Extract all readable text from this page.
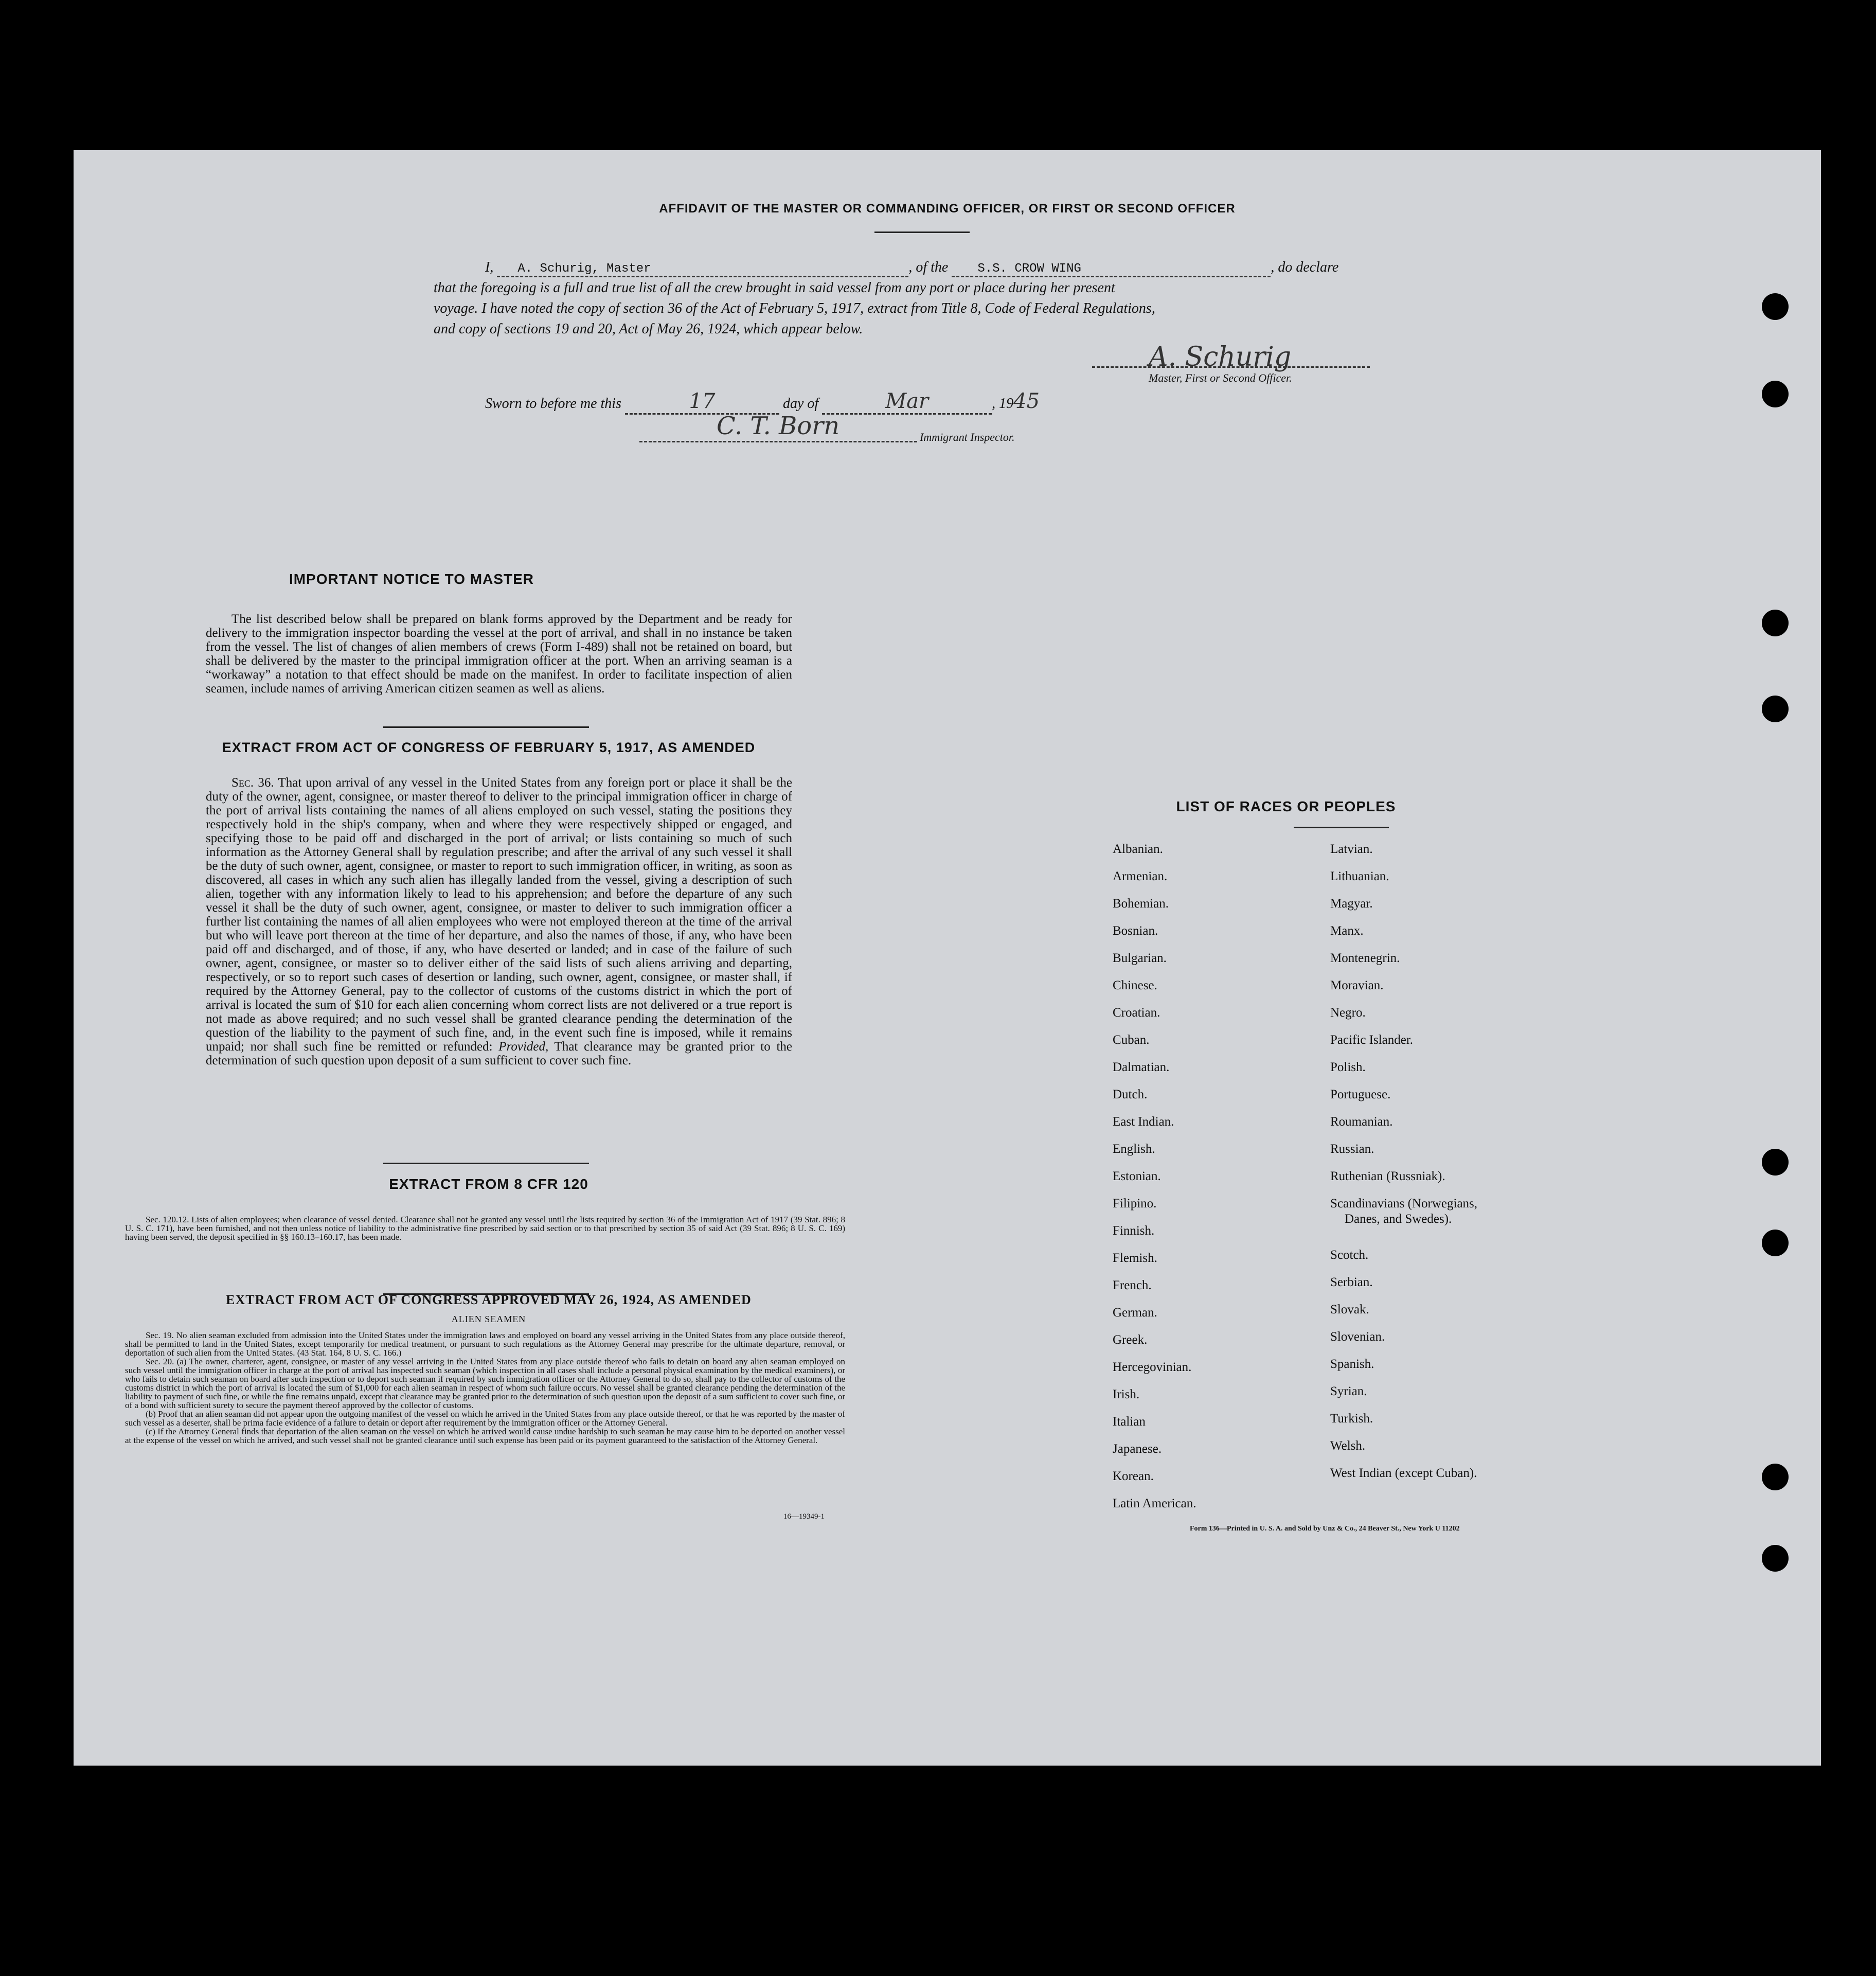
AFFIDAVIT OF THE MASTER OR COMMANDING OFFICER, OR FIRST OR SECOND OFFICER
I, A. Schurig, Master	, of the S.S. CROW WING	, do declare
that the foregoing is a full and true list of all the crew brought in said vessel from any port or place during her present
voyage. I have noted the copy of section 36 of the Act of February 5, 1917, extract from Title 8, Code of Federal Regulations,
and copy of sections 19 and 20, Act of May 26, 1924, which appear below.
A. Schurig
Master, First or Second Officer.
Sworn to before me this	17	day of	Mar	, 1945
C. T. Born	Immigrant Inspector.
IMPORTANT NOTICE TO MASTER
The list described below shall be prepared on blank forms approved by the Department and be ready for delivery to the immigration inspector boarding the vessel at the port of arrival, and shall in no instance be taken from the vessel. The list of changes of alien members of crews (Form I-489) shall not be retained on board, but shall be delivered by the master to the principal immigration officer at the port. When an arriving seaman is a “workaway” a notation to that effect should be made on the manifest. In order to facilitate inspection of alien seamen, include names of arriving American citizen seamen as well as aliens.
EXTRACT FROM ACT OF CONGRESS OF FEBRUARY 5, 1917, AS AMENDED
Sec. 36. That upon arrival of any vessel in the United States from any foreign port or place it shall be the duty of the owner, agent, consignee, or master thereof to deliver to the principal immigration officer in charge of the port of arrival lists containing the names of all aliens employed on such vessel, stating the positions they respectively hold in the ship's company, when and where they were respectively shipped or engaged, and specifying those to be paid off and discharged in the port of arrival; or lists containing so much of such information as the Attorney General shall by regulation prescribe; and after the arrival of any such vessel it shall be the duty of such owner, agent, consignee, or master to report to such immigration officer, in writing, as soon as discovered, all cases in which any such alien has illegally landed from the vessel, giving a description of such alien, together with any information likely to lead to his apprehension; and before the departure of any such vessel it shall be the duty of such owner, agent, consignee, or master to deliver to such immigration officer a further list containing the names of all alien employees who were not employed thereon at the time of the arrival but who will leave port thereon at the time of her departure, and also the names of those, if any, who have been paid off and discharged, and of those, if any, who have deserted or landed; and in case of the failure of such owner, agent, consignee, or master so to deliver either of the said lists of such aliens arriving and departing, respectively, or so to report such cases of desertion or landing, such owner, agent, consignee, or master shall, if required by the Attorney General, pay to the collector of customs of the customs district in which the port of arrival is located the sum of $10 for each alien concerning whom correct lists are not delivered or a true report is not made as above required; and no such vessel shall be granted clearance pending the determination of the question of the liability to the payment of such fine, and, in the event such fine is imposed, while it remains unpaid; nor shall such fine be remitted or refunded: Provided, That clearance may be granted prior to the determination of such question upon deposit of a sum sufficient to cover such fine.
EXTRACT FROM 8 CFR 120
Sec. 120.12. Lists of alien employees; when clearance of vessel denied. Clearance shall not be granted any vessel until the lists required by section 36 of the Immigration Act of 1917 (39 Stat. 896; 8 U. S. C. 171), have been furnished, and not then unless notice of liability to the administrative fine prescribed by said section or to that prescribed by section 35 of said Act (39 Stat. 896; 8 U. S. C. 169) having been served, the deposit specified in §§ 160.13–160.17, has been made.
EXTRACT FROM ACT OF CONGRESS APPROVED MAY 26, 1924, AS AMENDED
ALIEN SEAMEN
Sec. 19. No alien seaman excluded from admission into the United States under the immigration laws and employed on board any vessel arriving in the United States from any place outside thereof, shall be permitted to land in the United States, except temporarily for medical treatment, or pursuant to such regulations as the Attorney General may prescribe for the ultimate departure, removal, or deportation of such alien from the United States. (43 Stat. 164, 8 U. S. C. 166.)
Sec. 20. (a) The owner, charterer, agent, consignee, or master of any vessel arriving in the United States from any place outside thereof who fails to detain on board any alien seaman employed on such vessel until the immigration officer in charge at the port of arrival has inspected such seaman (which inspection in all cases shall include a personal physical examination by the medical examiners), or who fails to detain such seaman on board after such inspection or to deport such seaman if required by such immigration officer or the Attorney General to do so, shall pay to the collector of customs of the customs district in which the port of arrival is located the sum of $1,000 for each alien seaman in respect of whom such failure occurs. No vessel shall be granted clearance pending the determination of the liability to payment of such fine, or while the fine remains unpaid, except that clearance may be granted prior to the determination of such question upon the deposit of a sum sufficient to cover such fine, or of a bond with sufficient surety to secure the payment thereof approved by the collector of customs.
(b) Proof that an alien seaman did not appear upon the outgoing manifest of the vessel on which he arrived in the United States from any place outside thereof, or that he was reported by the master of such vessel as a deserter, shall be prima facie evidence of a failure to detain or deport after requirement by the immigration officer or the Attorney General.
(c) If the Attorney General finds that deportation of the alien seaman on the vessel on which he arrived would cause undue hardship to such seaman he may cause him to be deported on another vessel at the expense of the vessel on which he arrived, and such vessel shall not be granted clearance until such expense has been paid or its payment guaranteed to the satisfaction of the Attorney General.
16—19349-1
LIST OF RACES OR PEOPLES
Albanian.
Armenian.
Bohemian.
Bosnian.
Bulgarian.
Chinese.
Croatian.
Cuban.
Dalmatian.
Dutch.
East Indian.
English.
Estonian.
Filipino.
Finnish.
Flemish.
French.
German.
Greek.
Hercegovinian.
Irish.
Italian
Japanese.
Korean.
Latin American.
Latvian.
Lithuanian.
Magyar.
Manx.
Montenegrin.
Moravian.
Negro.
Pacific Islander.
Polish.
Portuguese.
Roumanian.
Russian.
Ruthenian (Russniak).
Scandinavians (Norwegians,
Danes, and Swedes).
Scotch.
Serbian.
Slovak.
Slovenian.
Spanish.
Syrian.
Turkish.
Welsh.
West Indian (except Cuban).
Form 136—Printed in U. S. A. and Sold by Unz & Co., 24 Beaver St., New York U 11202
